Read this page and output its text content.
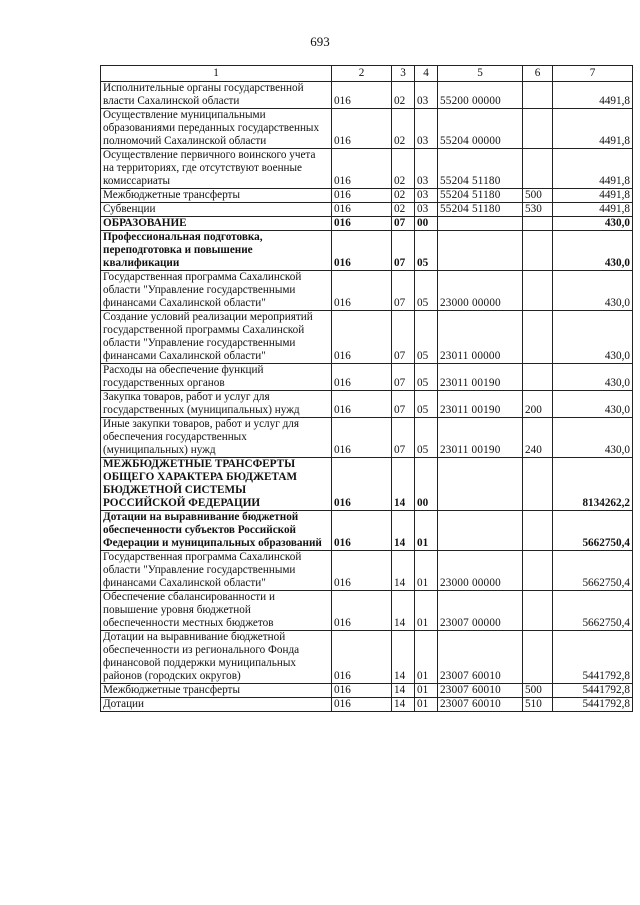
693
1	2	3	4	5	6	7
Исполнительные органы государственной власти Сахалинской области	016	02	03	55200 00000		4491,8
Осуществление муниципальными образованиями переданных государственных полномочий Сахалинской области	016	02	03	55204 00000		4491,8
Осуществление первичного воинского учета на территориях, где отсутствуют военные комиссариаты	016	02	03	55204 51180		4491,8
Межбюджетные трансферты	016	02	03	55204 51180	500	4491,8
Субвенции	016	02	03	55204 51180	530	4491,8
ОБРАЗОВАНИЕ	016	07	00			430,0
Профессиональная подготовка, переподготовка и повышение квалификации	016	07	05			430,0
Государственная программа Сахалинской области "Управление государственными финансами Сахалинской области"	016	07	05	23000 00000		430,0
Создание условий реализации мероприятий государственной программы Сахалинской области "Управление государственными финансами Сахалинской области"	016	07	05	23011 00000		430,0
Расходы на обеспечение функций государственных органов	016	07	05	23011 00190		430,0
Закупка товаров, работ и услуг для государственных (муниципальных) нужд	016	07	05	23011 00190	200	430,0
Иные закупки товаров, работ и услуг для обеспечения государственных (муниципальных) нужд	016	07	05	23011 00190	240	430,0
МЕЖБЮДЖЕТНЫЕ ТРАНСФЕРТЫ ОБЩЕГО ХАРАКТЕРА БЮДЖЕТАМ БЮДЖЕТНОЙ СИСТЕМЫ РОССИЙСКОЙ ФЕДЕРАЦИИ	016	14	00			8134262,2
Дотации на выравнивание бюджетной обеспеченности субъектов Российской Федерации и муниципальных образований	016	14	01			5662750,4
Государственная программа Сахалинской области "Управление государственными финансами Сахалинской области"	016	14	01	23000 00000		5662750,4
Обеспечение сбалансированности и повышение уровня бюджетной обеспеченности местных бюджетов	016	14	01	23007 00000		5662750,4
Дотации на выравнивание бюджетной обеспеченности из регионального Фонда финансовой поддержки муниципальных районов (городских округов)	016	14	01	23007 60010		5441792,8
Межбюджетные трансферты	016	14	01	23007 60010	500	5441792,8
Дотации	016	14	01	23007 60010	510	5441792,8
